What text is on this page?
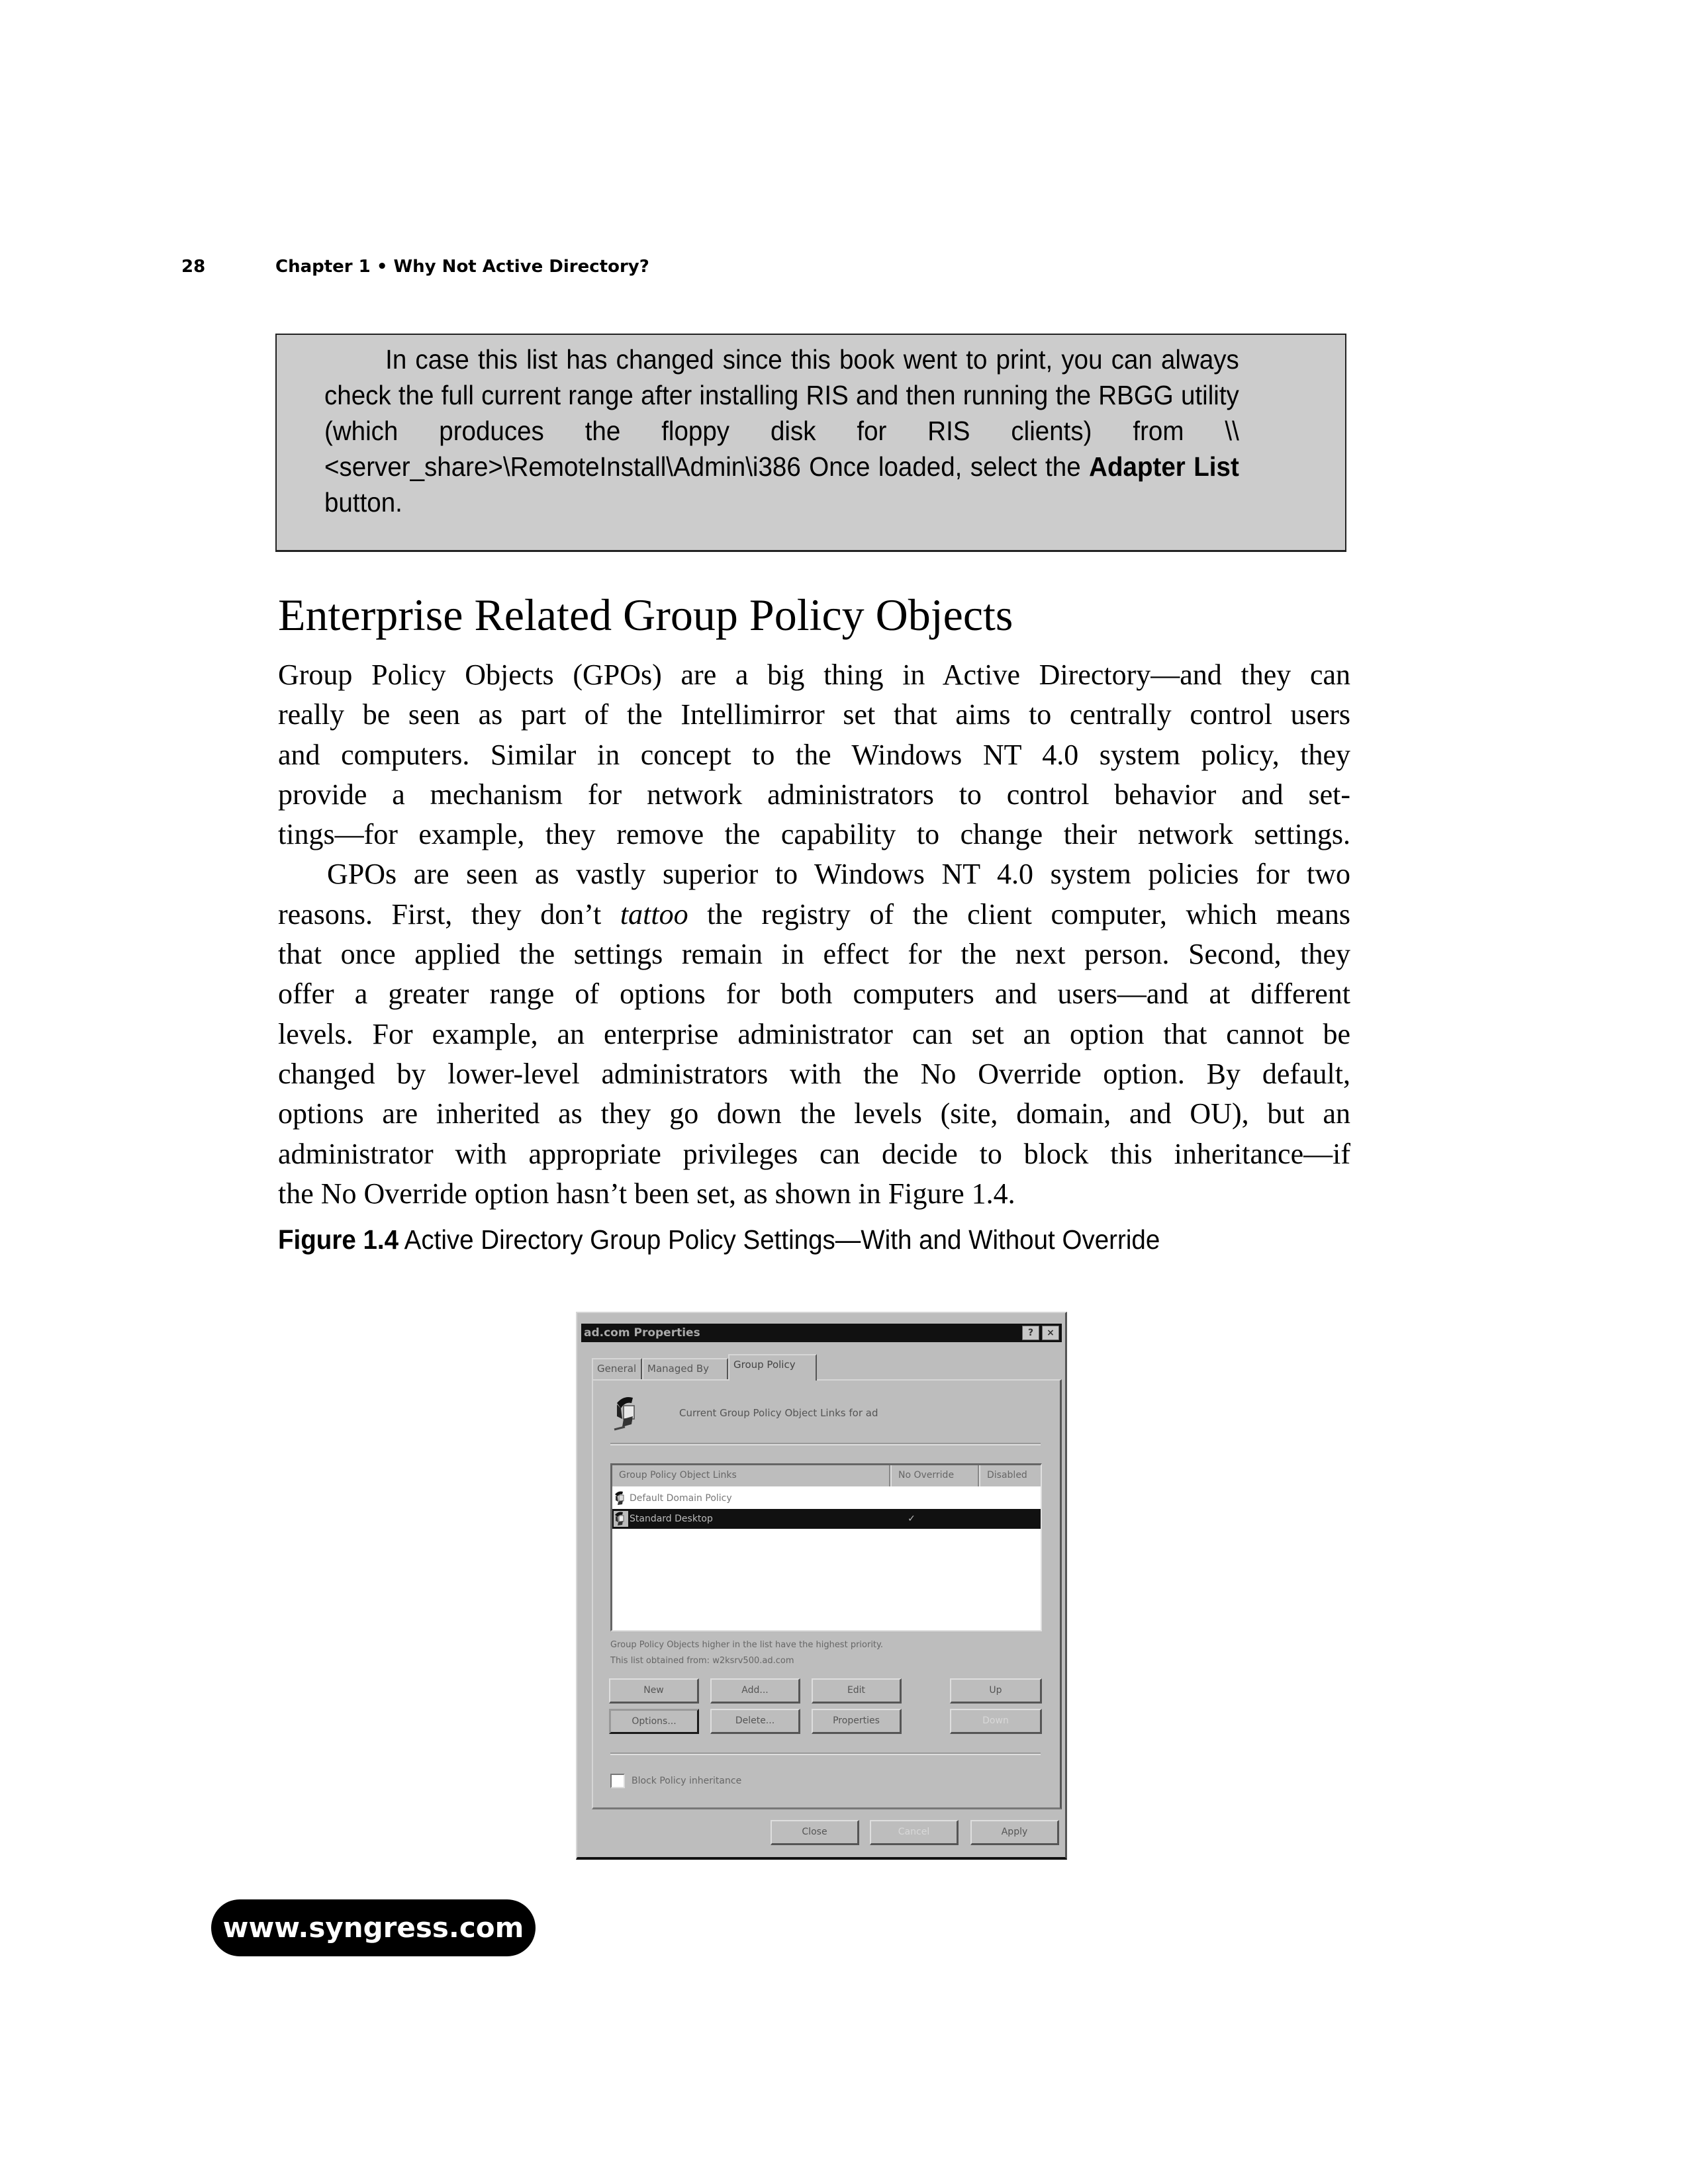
28	Chapter 1 • Why Not Active Directory?

In case this list has changed since this book went to print, you can always check the full current range after installing RIS and then running the RBGG utility (which produces the floppy disk for RIS clients) from \\<server_share>\RemoteInstall\Admin\i386 Once loaded, select the Adapter List button.

Enterprise Related Group Policy Objects
Group Policy Objects (GPOs) are a big thing in Active Directory—and they can
really be seen as part of the Intellimirror set that aims to centrally control users
and computers. Similar in concept to the Windows NT 4.0 system policy, they
provide a mechanism for network administrators to control behavior and set-
tings—for example, they remove the capability to change their network settings.
GPOs are seen as vastly superior to Windows NT 4.0 system policies for two
reasons. First, they don’t tattoo the registry of the client computer, which means
that once applied the settings remain in effect for the next person. Second, they
offer a greater range of options for both computers and users—and at different
levels. For example, an enterprise administrator can set an option that cannot be
changed by lower-level administrators with the No Override option. By default,
options are inherited as they go down the levels (site, domain, and OU), but an
administrator with appropriate privileges can decide to block this inheritance—if
the No Override option hasn’t been set, as shown in Figure 1.4.
Figure 1.4 Active Directory Group Policy Settings—With and Without Override
ad.com Properties	?	×
General	Managed By	Group Policy
Current Group Policy Object Links for ad
Group Policy Object Links	No Override	Disabled
Default Domain Policy
Standard Desktop	✓
Group Policy Objects higher in the list have the highest priority.
This list obtained from: w2ksrv500.ad.com
New	Add...	Edit	Up
Options...	Delete...	Properties	Down
Block Policy inheritance
Close	Cancel	Apply
www.syngress.com
